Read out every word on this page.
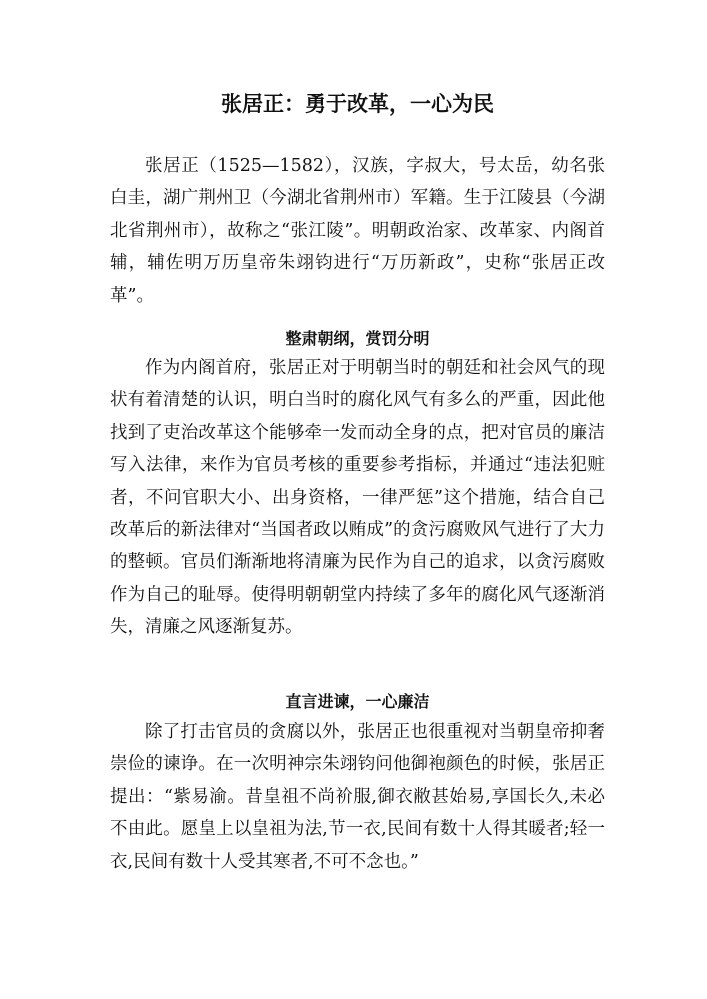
张居正：勇于改革，一心为民

张居正（1525—1582），汉族，字叔大，号太岳，幼名张白圭，湖广荆州卫（今湖北省荆州市）军籍。生于江陵县（今湖北省荆州市），故称之“张江陵”。明朝政治家、改革家、内阁首辅，辅佐明万历皇帝朱翊钧进行“万历新政”，史称“张居正改革”。

整肃朝纲，赏罚分明

作为内阁首府，张居正对于明朝当时的朝廷和社会风气的现状有着清楚的认识，明白当时的腐化风气有多么的严重，因此他找到了吏治改革这个能够牵一发而动全身的点，把对官员的廉洁写入法律，来作为官员考核的重要参考指标，并通过“违法犯赃者，不问官职大小、出身资格，一律严惩”这个措施，结合自己改革后的新法律对“当国者政以贿成”的贪污腐败风气进行了大力的整顿。官员们渐渐地将清廉为民作为自己的追求，以贪污腐败作为自己的耻辱。使得明朝朝堂内持续了多年的腐化风气逐渐消失，清廉之风逐渐复苏。

直言进谏，一心廉洁

除了打击官员的贪腐以外，张居正也很重视对当朝皇帝抑奢崇俭的谏诤。在一次明神宗朱翊钧问他御袍颜色的时候，张居正提出：“紫易渝。昔皇祖不尚衸服,御衣敝甚始易,享国长久,未必不由此。愿皇上以皇祖为法,节一衣,民间有数十人得其暖者;轻一衣,民间有数十人受其寒者,不可不念也。”
